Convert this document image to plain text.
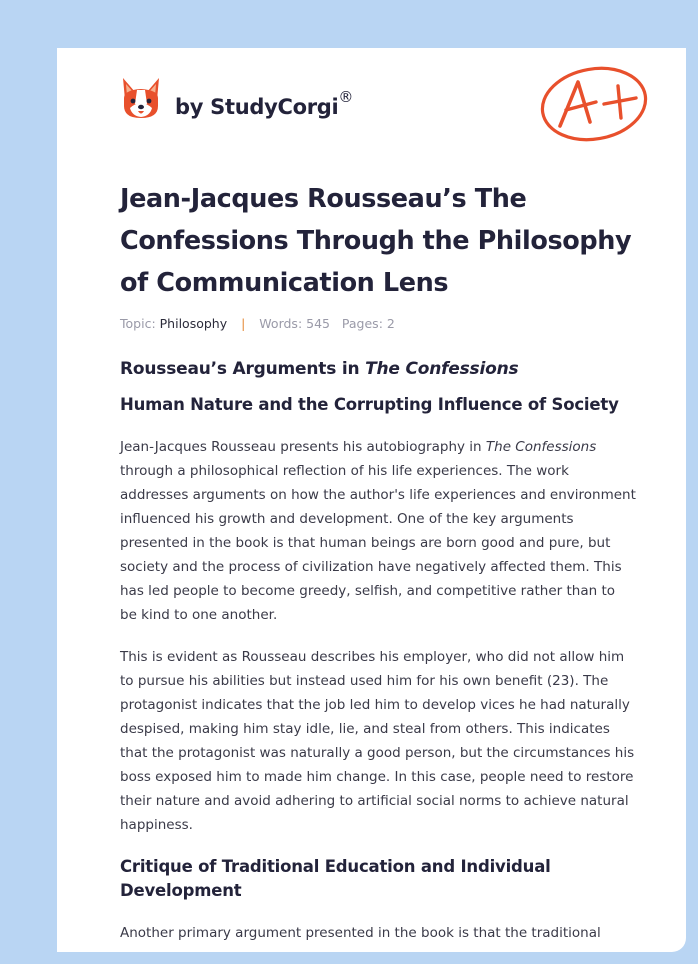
by StudyCorgi®
A+
Jean-Jacques Rousseau’s The Confessions Through the Philosophy of Communication Lens
Topic: Philosophy | Words: 545 Pages: 2
Rousseau’s Arguments in The Confessions
Human Nature and the Corrupting Influence of Society

Jean-Jacques Rousseau presents his autobiography in The Confessions through a philosophical reflection of his life experiences. The work addresses arguments on how the author's life experiences and environment influenced his growth and development. One of the key arguments presented in the book is that human beings are born good and pure, but society and the process of civilization have negatively affected them. This has led people to become greedy, selfish, and competitive rather than to be kind to one another.

This is evident as Rousseau describes his employer, who did not allow him to pursue his abilities but instead used him for his own benefit (23). The protagonist indicates that the job led him to develop vices he had naturally despised, making him stay idle, lie, and steal from others. This indicates that the protagonist was naturally a good person, but the circumstances his boss exposed him to made him change. In this case, people need to restore their nature and avoid adhering to artificial social norms to achieve natural happiness.

Critique of Traditional Education and Individual Development

Another primary argument presented in the book is that the traditional
